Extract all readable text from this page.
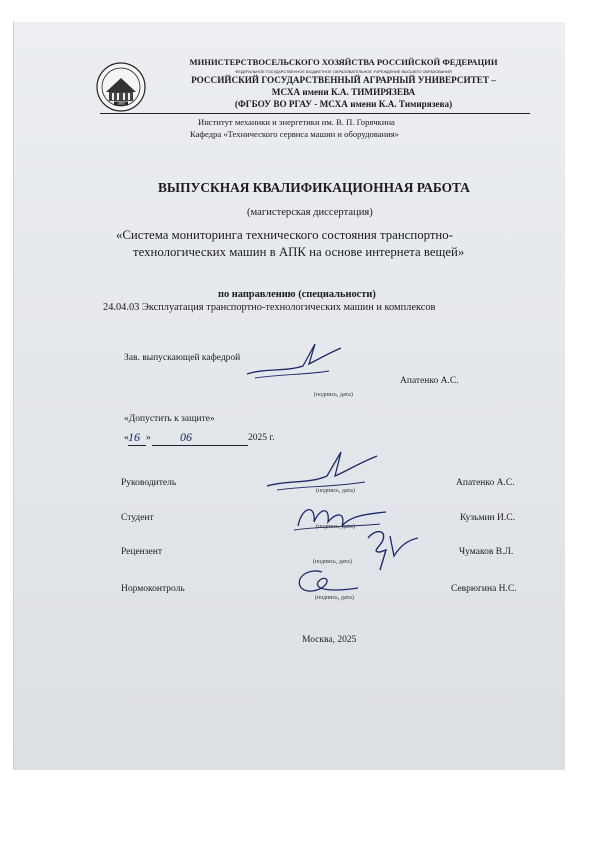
1865
МИНИСТЕРСТВОСЕЛЬСКОГО ХОЗЯЙСТВА РОССИЙСКОЙ ФЕДЕРАЦИИ
ФЕДЕРАЛЬНОЕ ГОСУДАРСТВЕННОЕ БЮДЖЕТНОЕ ОБРАЗОВАТЕЛЬНОЕ УЧРЕЖДЕНИЕ ВЫСШЕГО ОБРАЗОВАНИЯ
РОССИЙСКИЙ ГОСУДАРСТВЕННЫЙ АГРАРНЫЙ УНИВЕРСИТЕТ –
МСХА имени К.А. ТИМИРЯЗЕВА
(ФГБОУ ВО РГАУ - МСХА имени К.А. Тимирязева)
Институт механики и энергетики им. В. П. Горячкина
Кафедра «Технического сервиса машин и оборудования»
ВЫПУСКНАЯ КВАЛИФИКАЦИОННАЯ РАБОТА
(магистерская диссертация)
«Система мониторинга технического состояния транспортно-
технологических машин в АПК на основе интернета вещей»
по направлению (специальности)
24.04.03 Эксплуатация транспортно-технологических машин и комплексов
Зав. выпускающей кафедрой
(подпись, дата)
Апатенко А.С.
«Допустить к защите»
« 16 » 06	2025 г.
Руководитель
(подпись, дата)
Апатенко А.С.
Студент
(подпись, дата)
Кузьмин И.С.
Рецензент
(подпись, дата)
Чумаков В.Л.
Нормоконтроль
(подпись, дата)
Севрюгина Н.С.
Москва, 2025
